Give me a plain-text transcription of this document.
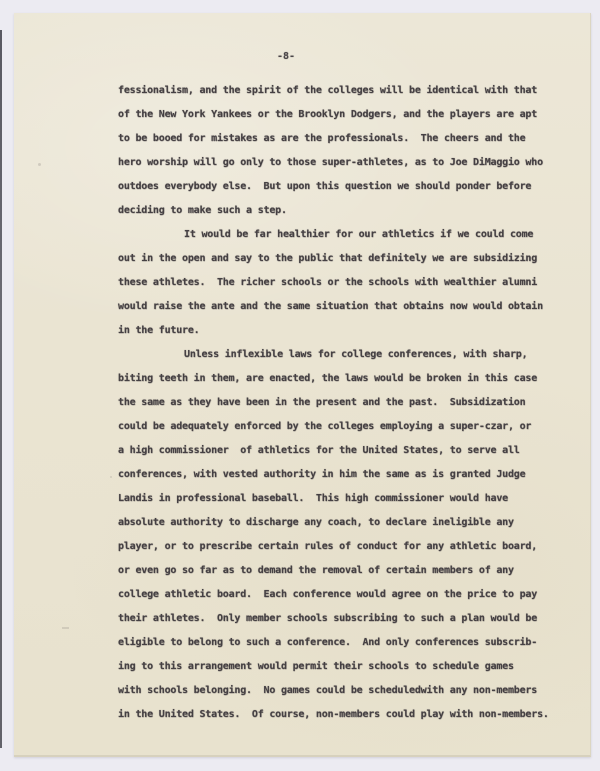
-8-
fessionalism, and the spirit of the colleges will be identical with that
of the New York Yankees or the Brooklyn Dodgers, and the players are apt
to be booed for mistakes as are the professionals.  The cheers and the
hero worship will go only to those super-athletes, as to Joe DiMaggio who
outdoes everybody else.  But upon this question we should ponder before
deciding to make such a step.
It would be far healthier for our athletics if we could come
out in the open and say to the public that definitely we are subsidizing
these athletes.  The richer schools or the schools with wealthier alumni
would raise the ante and the same situation that obtains now would obtain
in the future.
Unless inflexible laws for college conferences, with sharp,
biting teeth in them, are enacted, the laws would be broken in this case
the same as they have been in the present and the past.  Subsidization
could be adequately enforced by the colleges employing a super-czar, or
a high commissioner  of athletics for the United States, to serve all
conferences, with vested authority in him the same as is granted Judge
Landis in professional baseball.  This high commissioner would have
absolute authority to discharge any coach, to declare ineligible any
player, or to prescribe certain rules of conduct for any athletic board,
or even go so far as to demand the removal of certain members of any
college athletic board.  Each conference would agree on the price to pay
their athletes.  Only member schools subscribing to such a plan would be
eligible to belong to such a conference.  And only conferences subscrib-
ing to this arrangement would permit their schools to schedule games
with schools belonging.  No games could be scheduledwith any non-members
in the United States.  Of course, non-members could play with non-members.
